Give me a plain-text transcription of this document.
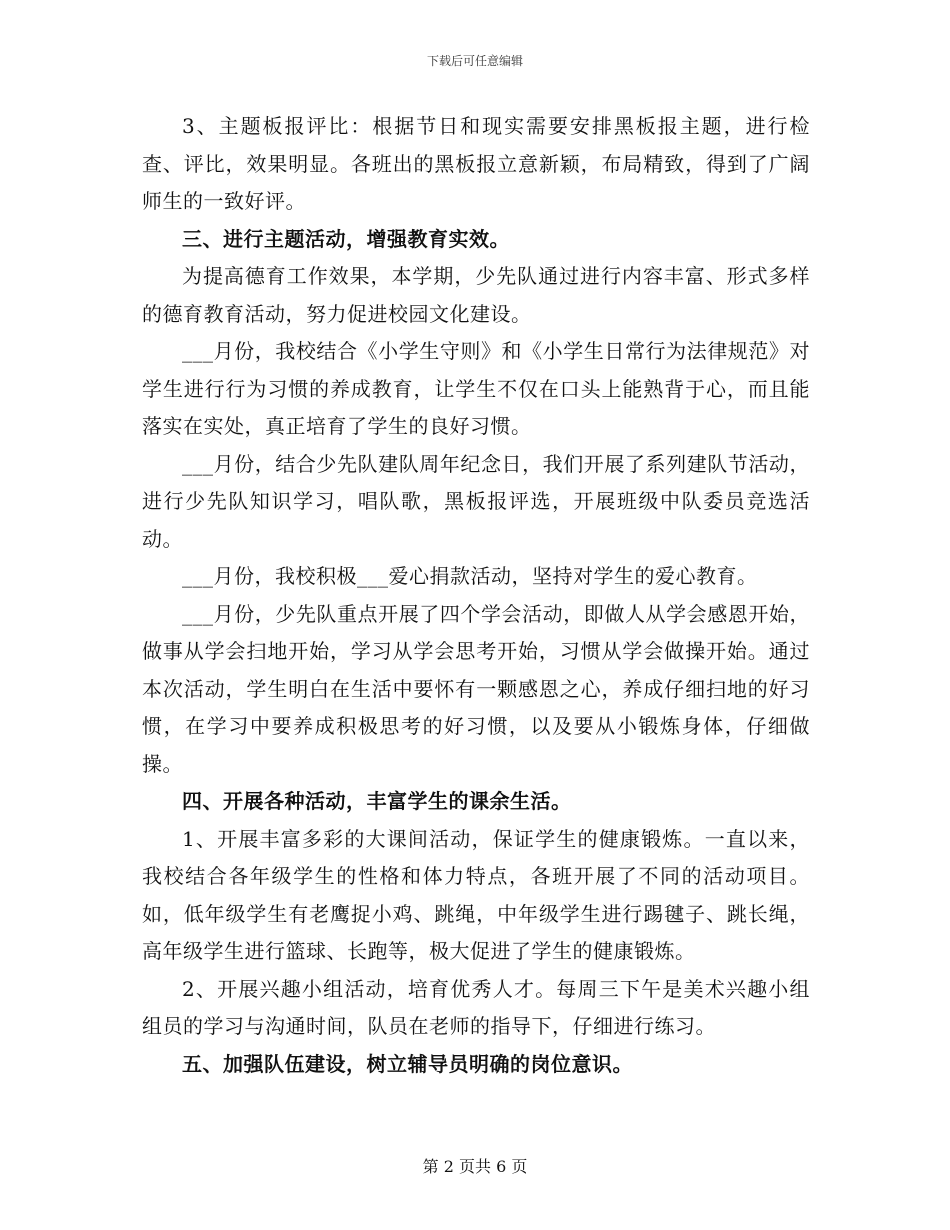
下载后可任意编辑

3、主题板报评比：根据节日和现实需要安排黑板报主题，进行检查、评比，效果明显。各班出的黑板报立意新颖，布局精致，得到了广阔师生的一致好评。

三、进行主题活动，增强教育实效。

为提高德育工作效果，本学期，少先队通过进行内容丰富、形式多样的德育教育活动，努力促进校园文化建设。

___月份，我校结合《小学生守则》和《小学生日常行为法律规范》对学生进行行为习惯的养成教育，让学生不仅在口头上能熟背于心，而且能落实在实处，真正培育了学生的良好习惯。

___月份，结合少先队建队周年纪念日，我们开展了系列建队节活动，进行少先队知识学习，唱队歌，黑板报评选，开展班级中队委员竞选活动。

___月份，我校积极___爱心捐款活动，坚持对学生的爱心教育。

___月份，少先队重点开展了四个学会活动，即做人从学会感恩开始，做事从学会扫地开始，学习从学会思考开始，习惯从学会做操开始。通过本次活动，学生明白在生活中要怀有一颗感恩之心，养成仔细扫地的好习惯，在学习中要养成积极思考的好习惯，以及要从小锻炼身体，仔细做操。

四、开展各种活动，丰富学生的课余生活。

1、开展丰富多彩的大课间活动，保证学生的健康锻炼。一直以来，我校结合各年级学生的性格和体力特点，各班开展了不同的活动项目。如，低年级学生有老鹰捉小鸡、跳绳，中年级学生进行踢毽子、跳长绳，高年级学生进行篮球、长跑等，极大促进了学生的健康锻炼。

2、开展兴趣小组活动，培育优秀人才。每周三下午是美术兴趣小组组员的学习与沟通时间，队员在老师的指导下，仔细进行练习。

五、加强队伍建设，树立辅导员明确的岗位意识。

第 2 页共 6 页
